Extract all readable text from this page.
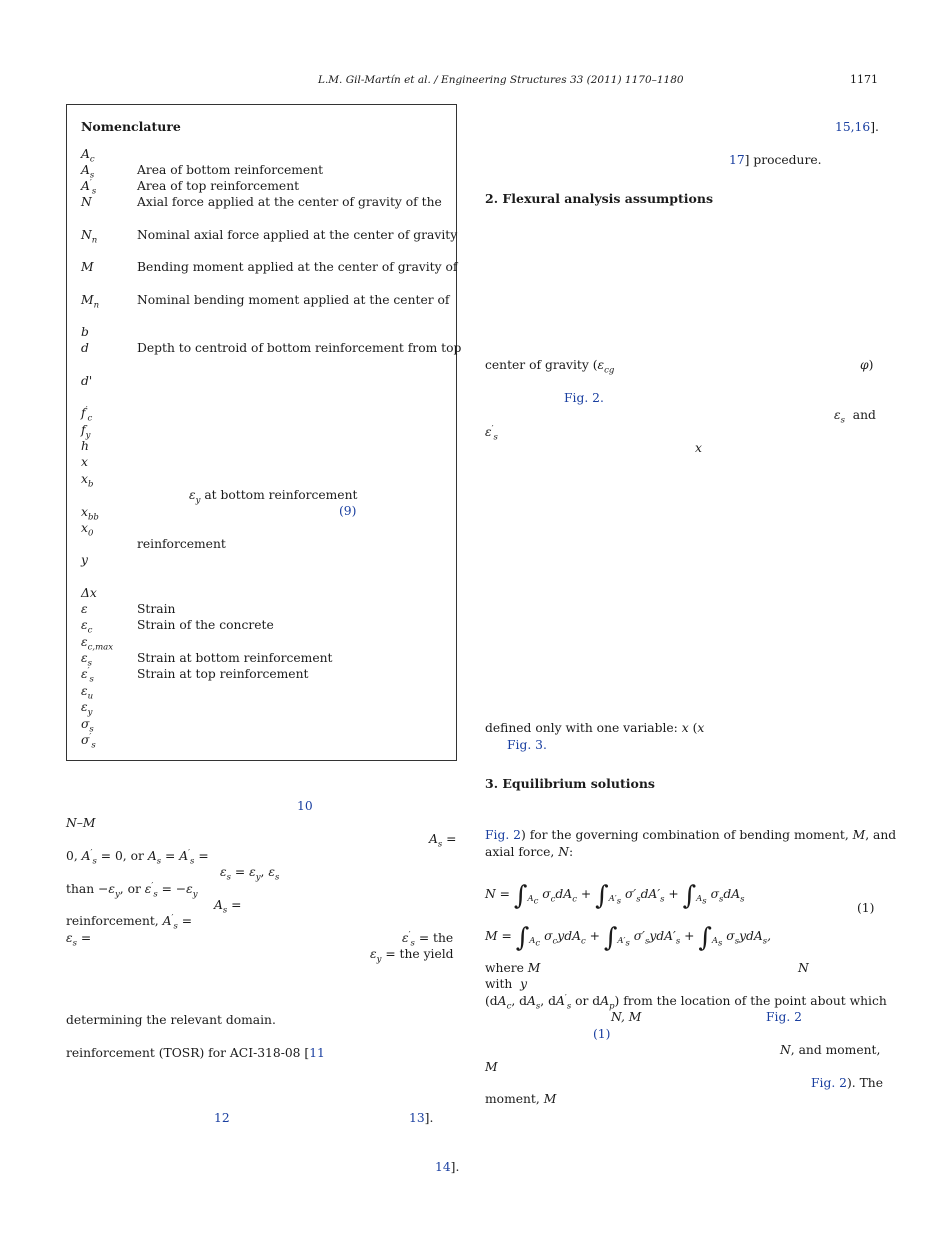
L.M. Gil-Martín et al. / Engineering Structures 33 (2011) 1170–1180	1171
Nomenclature
$A_c$
$A_s$	Area of bottom reinforcement
$A'_s$	Area of top reinforcement
N	Axial force applied at the center of gravity of the
$N_n$	Nominal axial force applied at the center of gravity
M	Bending moment applied at the center of gravity of
$M_n$	Nominal bending moment applied at the center of
b
d	Depth to centroid of bottom reinforcement from top
d'
$f'_c$
$f_y$
h
x
$x_b$
$\varepsilon_y$ at bottom reinforcement
$x_{bb}$	(9)
$x_0$
reinforcement
y
Δx
ε	Strain
$\varepsilon_c$	Strain of the concrete
$\varepsilon_{c,max}$
$\varepsilon_s$	Strain at bottom reinforcement
$\varepsilon'_s$	Strain at top reinforcement
$\varepsilon_u$
$\varepsilon_y$
$\sigma_s$
$\sigma'_s$
10
N–M
$A_s$ =
0, $A'_s = 0$, or $A_s = A'_s$ =
$\varepsilon_s = \varepsilon_y$, $\varepsilon_s$
than $-\varepsilon_y$, or $\varepsilon'_s = -\varepsilon_y$
$A_s$ =
reinforcement, $A'_s$ =
$\varepsilon_s$ =	$\varepsilon'_s$ = the
$\varepsilon_y$ = the yield
determining the relevant domain.
reinforcement (TOSR) for ACI-318-08 [11
12	13].
14].
15,16].
17] procedure.
2. Flexural analysis assumptions
center of gravity ($\varepsilon_{cg}$	φ)
Fig. 2.
$\varepsilon_s$  and
$\varepsilon'_s$
x
defined only with one variable: x (x
Fig. 3.
3. Equilibrium solutions
Fig. 2) for the governing combination of bending moment, M, and
axial force, N:
$N = \int_{A_c}$ $\sigma_cdA_c + \int_{A'_s}$ $\sigma'_sdA'_s + \int_{A_s}$ $\sigma_sdA_s$
$M = \int_{A_c}$ $\sigma_cydA_c + \int_{A'_s}$ $\sigma'_sydA'_s + \int_{A_s}$ $\sigma_sydA_s$,
(1)
where M	N
with  y
($dA_c$, $dA_s$, $dA'_s$ or $dA_p$) from the location of the point about which
N, M	Fig. 2
(1)
N, and moment,
M
Fig. 2). The
moment, M
